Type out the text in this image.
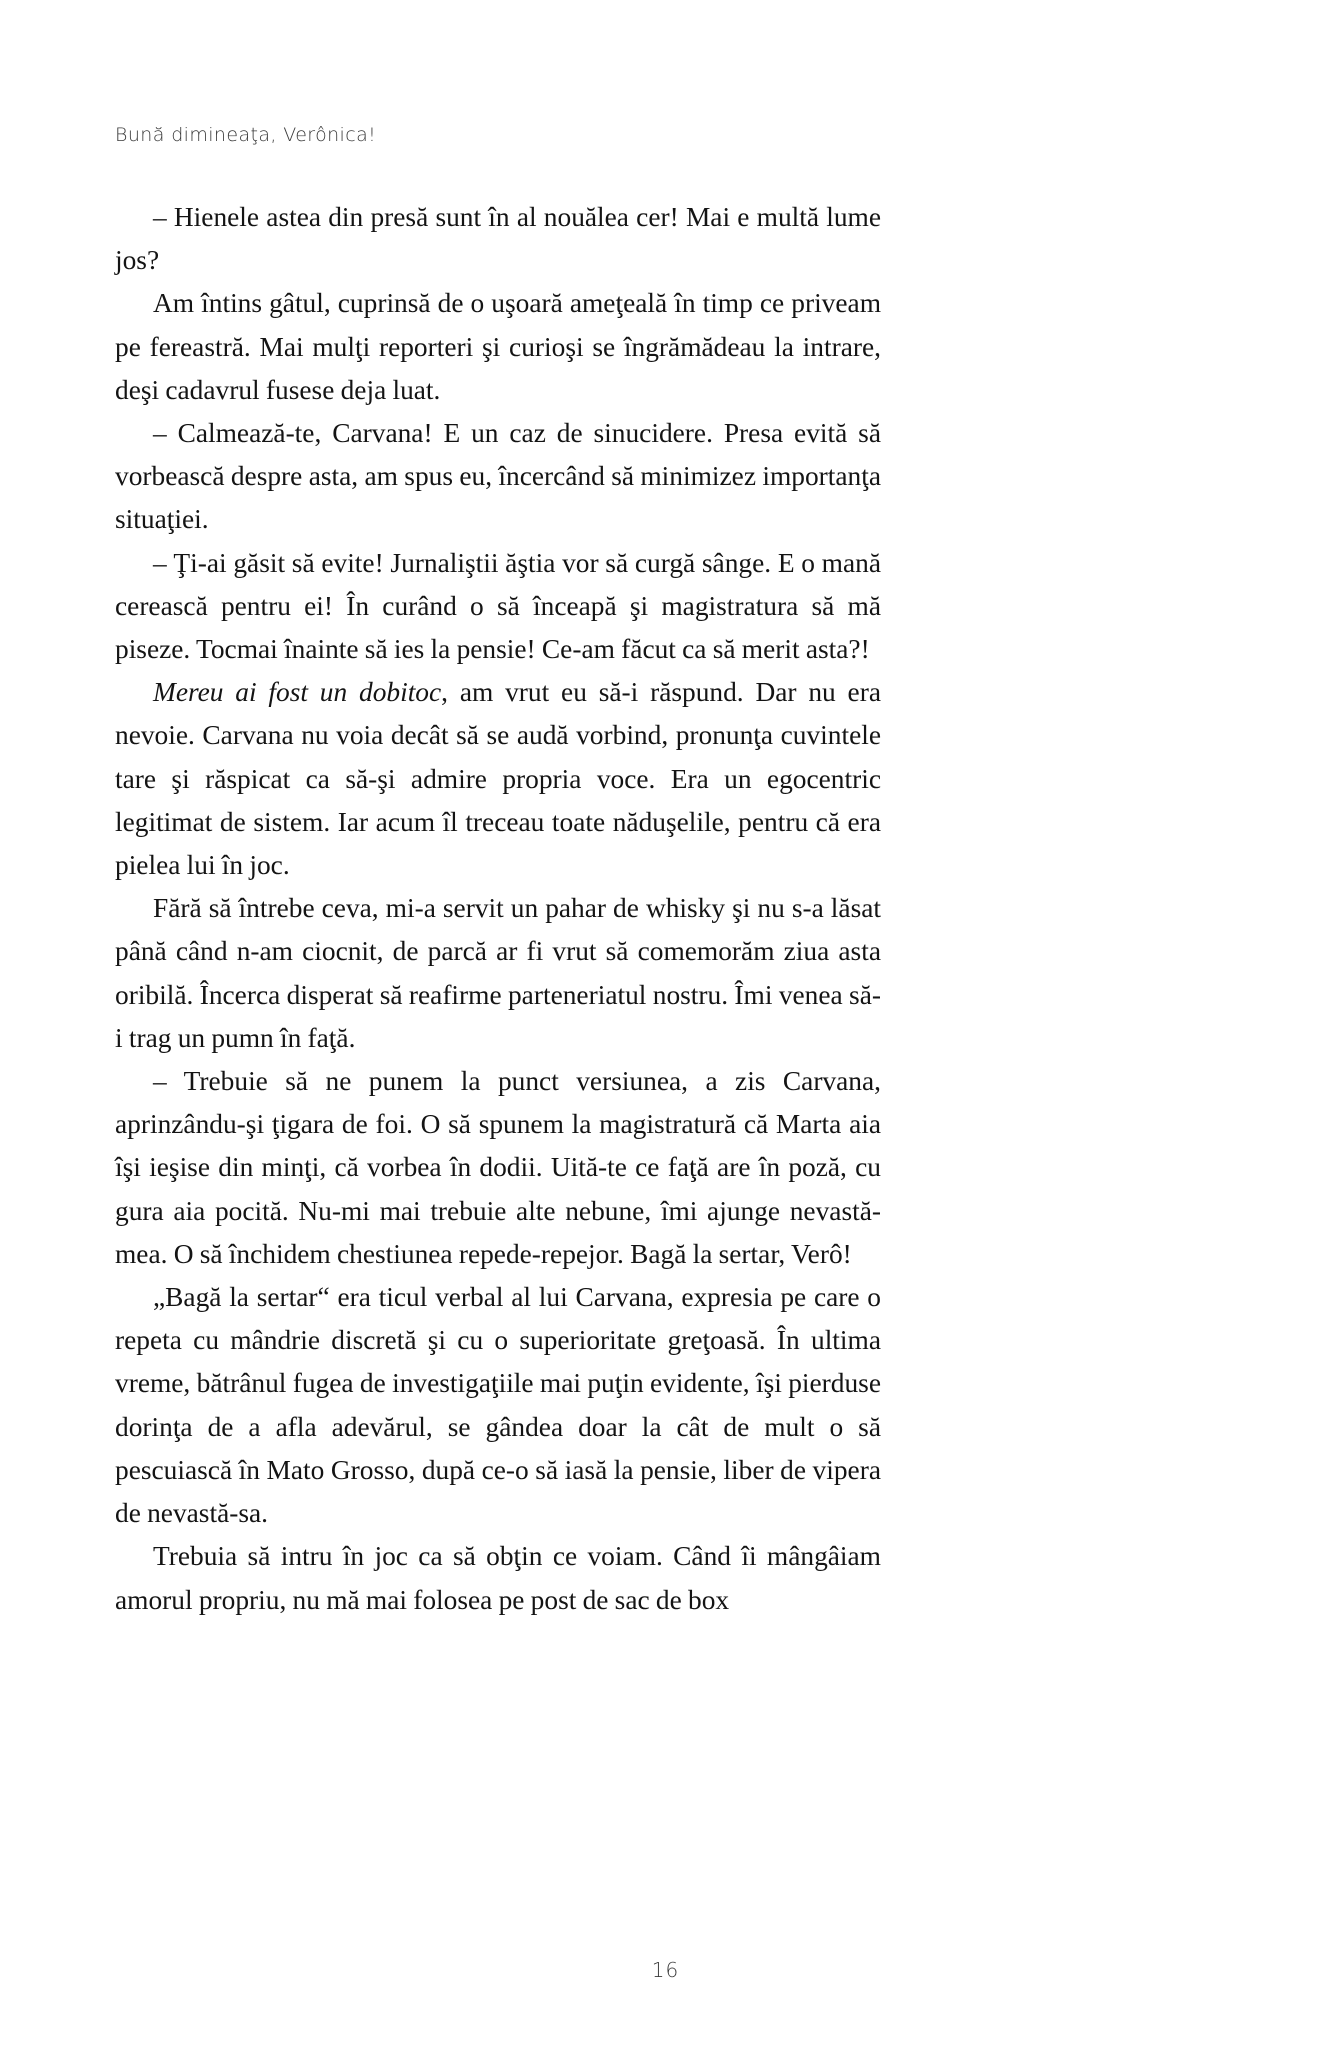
Bună dimineaţa, Verônica!

– Hienele astea din presă sunt în al nouălea cer! Mai e multă lume jos?

Am întins gâtul, cuprinsă de o uşoară ameţeală în timp ce priveam pe fereastră. Mai mulţi reporteri şi curioşi se îngrămădeau la intrare, deşi cadavrul fusese deja luat.

– Calmează-te, Carvana! E un caz de sinucidere. Presa evită să vorbească despre asta, am spus eu, încercând să minimizez importanţa situaţiei.

– Ţi-ai găsit să evite! Jurnaliştii ăştia vor să curgă sânge. E o mană cerească pentru ei! În curând o să înceapă şi magistratura să mă piseze. Tocmai înainte să ies la pensie! Ce-am făcut ca să merit asta?!

Mereu ai fost un dobitoc, am vrut eu să-i răspund. Dar nu era nevoie. Carvana nu voia decât să se audă vorbind, pronunţa cuvintele tare şi răspicat ca să-şi admire propria voce. Era un egocentric legitimat de sistem. Iar acum îl treceau toate năduşelile, pentru că era pielea lui în joc.

Fără să întrebe ceva, mi-a servit un pahar de whisky şi nu s-a lăsat până când n-am ciocnit, de parcă ar fi vrut să comemorăm ziua asta oribilă. Încerca disperat să reafirme parteneriatul nostru. Îmi venea să-i trag un pumn în faţă.

– Trebuie să ne punem la punct versiunea, a zis Carvana, aprinzându-şi ţigara de foi. O să spunem la magistratură că Marta aia îşi ieşise din minţi, că vorbea în dodii. Uită-te ce faţă are în poză, cu gura aia pocită. Nu-mi mai trebuie alte nebune, îmi ajunge nevastă-mea. O să închidem chestiunea repede-repejor. Bagă la sertar, Verô!

„Bagă la sertar“ era ticul verbal al lui Carvana, expresia pe care o repeta cu mândrie discretă şi cu o superioritate greţoasă. În ultima vreme, bătrânul fugea de investigaţiile mai puţin evidente, îşi pierduse dorinţa de a afla adevărul, se gândea doar la cât de mult o să pescuiască în Mato Grosso, după ce-o să iasă la pensie, liber de vipera de nevastă-sa.

Trebuia să intru în joc ca să obţin ce voiam. Când îi mângâiam amorul propriu, nu mă mai folosea pe post de sac de box

16
